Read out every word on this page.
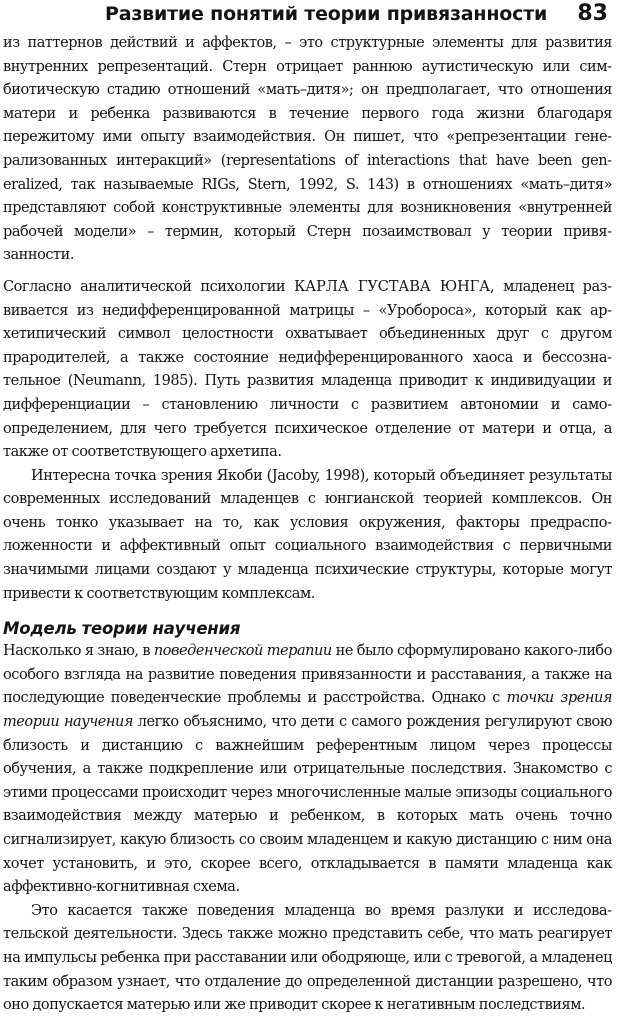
Развитие понятий теории привязанности 83

из паттернов действий и аффектов, – это структурные элементы для развития внутренних репрезентаций. Стерн отрицает раннюю аутистическую или симбиотическую стадию отношений «мать–дитя»; он предполагает, что отношения матери и ребенка развиваются в течение первого года жизни благодаря пережитому ими опыту взаимодействия. Он пишет, что «репрезентации генерализованных интеракций» (representations of interactions that have been generalized, так называемые RIGs, Stern, 1992, S. 143) в отношениях «мать–дитя» представляют собой конструктивные элементы для возникновения «внутренней рабочей модели» – термин, который Стерн позаимствовал у теории привязанности.

Согласно аналитической психологии КАРЛА ГУСТАВА ЮНГА, младенец развивается из недифференцированной матрицы – «Уробороса», который как архетипический символ целостности охватывает объединенных друг с другом прародителей, а также состояние недифференцированного хаоса и бессознательное (Neumann, 1985). Путь развития младенца приводит к индивидуации и дифференциации – становлению личности с развитием автономии и самоопределением, для чего требуется психическое отделение от матери и отца, а также от соответствующего архетипа.

Интересна точка зрения Якоби (Jacoby, 1998), который объединяет результаты современных исследований младенцев с юнгианской теорией комплексов. Он очень тонко указывает на то, как условия окружения, факторы предрасположенности и аффективный опыт социального взаимодействия с первичными значимыми лицами создают у младенца психические структуры, которые могут привести к соответствующим комплексам.

Модель теории научения

Насколько я знаю, в поведенческой терапии не было сформулировано какого-либо особого взгляда на развитие поведения привязанности и расставания, а также на последующие поведенческие проблемы и расстройства. Однако с точки зрения теории научения легко объяснимо, что дети с самого рождения регулируют свою близость и дистанцию с важнейшим референтным лицом через процессы обучения, а также подкрепление или отрицательные последствия. Знакомство с этими процессами происходит через многочисленные малые эпизоды социального взаимодействия между матерью и ребенком, в которых мать очень точно сигнализирует, какую близость со своим младенцем и какую дистанцию с ним она хочет установить, и это, скорее всего, откладывается в памяти младенца как аффективно-когнитивная схема.

Это касается также поведения младенца во время разлуки и исследовательской деятельности. Здесь также можно представить себе, что мать реагирует на импульсы ребенка при расставании или ободряюще, или с тревогой, а младенец таким образом узнает, что отдаление до определенной дистанции разрешено, что оно допускается матерью или же приводит скорее к негативным последствиям.
